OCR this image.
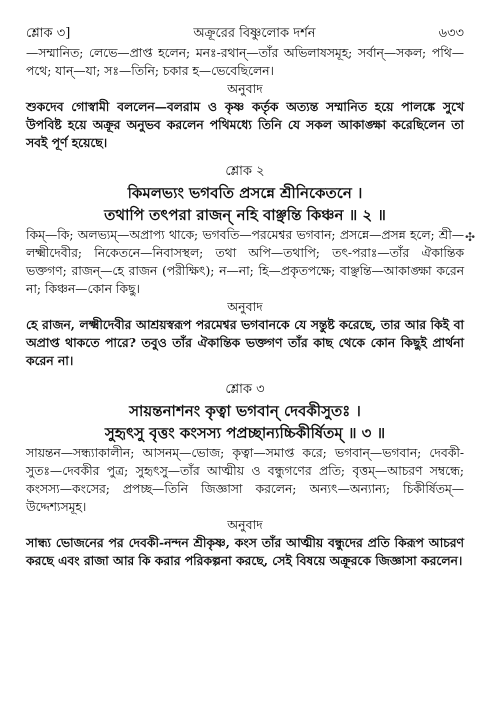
শ্লোক ৩]	অক্রূরের বিষ্ণুলোক দর্শন	৬৩৩

—সম্মানিত; লেভে—প্রাপ্ত হলেন; মনঃ-রথান্—তাঁর অভিলাষসমূহ; সর্বান্—সকল; পথি—পথে; যান্—যা; সঃ—তিনি; চকার হ—ভেবেছিলেন।

অনুবাদ

শুকদেব গোস্বামী বললেন—বলরাম ও কৃষ্ণ কর্তৃক অত্যন্ত সম্মানিত হয়ে পালঙ্কে সুখে উপবিষ্ট হয়ে অক্রূর অনুভব করলেন পথিমধ্যে তিনি যে সকল আকাঙ্ক্ষা করেছিলেন তা সবই পূর্ণ হয়েছে।

শ্লোক ২
কিমলভ্যং ভগবতি প্রসন্নে শ্রীনিকেতনে ।
তথাপি তৎপরা রাজন্ নহি বাঞ্ছন্তি কিঞ্চন ॥ ২ ॥

কিম্—কি; অলভ্যম্—অপ্রাপ্য থাকে; ভগবতি—পরমেশ্বর ভগবান; প্রসন্নে—প্রসন্ন হলে; শ্রী—লক্ষ্মীদেবীর; নিকেতনে—নিবাসস্থল; তথা অপি—তথাপি; তৎ-পরাঃ—তাঁর ঐকান্তিক ভক্তগণ; রাজন্—হে রাজন (পরীক্ষিৎ); ন—না; হি—প্রকৃতপক্ষে; বাঞ্ছন্তি—আকাঙ্ক্ষা করেন না; কিঞ্চন—কোন কিছু।

অনুবাদ

হে রাজন, লক্ষ্মীদেবীর আশ্রয়স্বরূপ পরমেশ্বর ভগবানকে যে সন্তুষ্ট করেছে, তার আর কিই বা অপ্রাপ্ত থাকতে পারে? তবুও তাঁর ঐকান্তিক ভক্তগণ তাঁর কাছ থেকে কোন কিছুই প্রার্থনা করেন না।

শ্লোক ৩
সায়ন্তনাশনং কৃত্বা ভগবান্ দেবকীসুতঃ ।
সুহৃৎসু বৃত্তং কংসস্য পপ্রচ্ছান্যচ্চিকীর্ষিতম্ ॥ ৩ ॥

সায়ন্তন—সন্ধ্যাকালীন; আসনম্—ভোজ; কৃত্বা—সমাপ্ত করে; ভগবান্—ভগবান; দেবকী-সুতঃ—দেবকীর পুত্র; সুহৃৎসু—তাঁর আত্মীয় ও বন্ধুগণের প্রতি; বৃত্তম্—আচরণ সম্বন্ধে; কংসস্য—কংসের; প্রপচ্ছ—তিনি জিজ্ঞাসা করলেন; অন্যৎ—অন্যান্য; চিকীর্ষিতম্—উদ্দেশ্যসমূহ।

অনুবাদ

সান্ধ্য ভোজনের পর দেবকী-নন্দন শ্রীকৃষ্ণ, কংস তাঁর আত্মীয় বন্ধুদের প্রতি কিরূপ আচরণ করছে এবং রাজা আর কি করার পরিকল্পনা করছে, সেই বিষয়ে অক্রূরকে জিজ্ঞাসা করলেন।

✣
